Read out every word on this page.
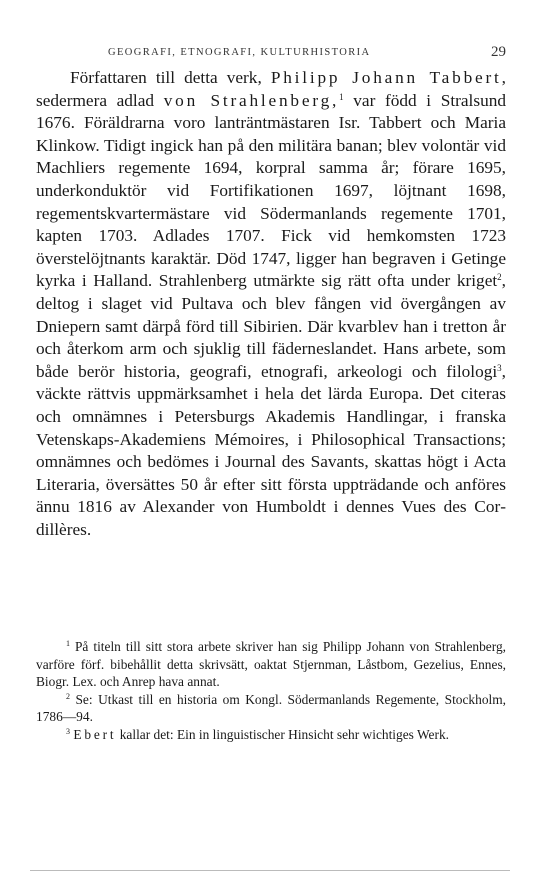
GEOGRAFI, ETNOGRAFI, KULTURHISTORIA	29

Författaren till detta verk, Philipp Johann Tabbert, sedermera adlad von Strahlenberg,$^1$ var född i Stralsund 1676. Föräldrarna voro lanträntmästaren Isr. Tabbert och Maria Klinkow. Tidigt ingick han på den militära banan; blev volontär vid Machliers regemente 1694, korpral samma år; förare 1695, underkonduktör vid Fortifikationen 1697, löjtnant 1698, regementskvartermästare vid Södermanlands regemente 1701, kapten 1703. Adlades 1707. Fick vid hemkomsten 1723 överstelöjtnants karaktär. Död 1747, ligger han begraven i Getinge kyrka i Halland. Strahlenberg utmärkte sig rätt ofta under kriget$^2$, deltog i slaget vid Pultava och blev fången vid övergången av Dniepern samt därpå förd till Sibirien. Där kvarblev han i tretton år och återkom arm och sjuklig till fäderneslandet. Hans arbete, som både berör historia, geografi, etnografi, arkeologi och filologi$^3$, väckte rättvis uppmärksamhet i hela det lärda Europa. Det citeras och omnämnes i Petersburgs Akademis Handlingar, i franska Vetenskaps-Akademiens Mémoires, i Philosophical Transactions; omnämnes och bedömes i Journal des Savants, skattas högt i Acta Literaria, översättes 50 år efter sitt första uppträdande och anföres ännu 1816 av Alexander von Humboldt i dennes Vues des Cordillères.

$^1$ På titeln till sitt stora arbete skriver han sig Philipp Johann von Strahlenberg, varföre förf. bibehållit detta skrivsätt, oaktat Stjernman, Låstbom, Gezelius, Ennes, Biogr. Lex. och Anrep hava annat.

$^2$ Se: Utkast till en historia om Kongl. Södermanlands Regemente, Stockholm, 1786—94.

$^3$ Ebert kallar det: Ein in linguistischer Hinsicht sehr wichtiges Werk.
